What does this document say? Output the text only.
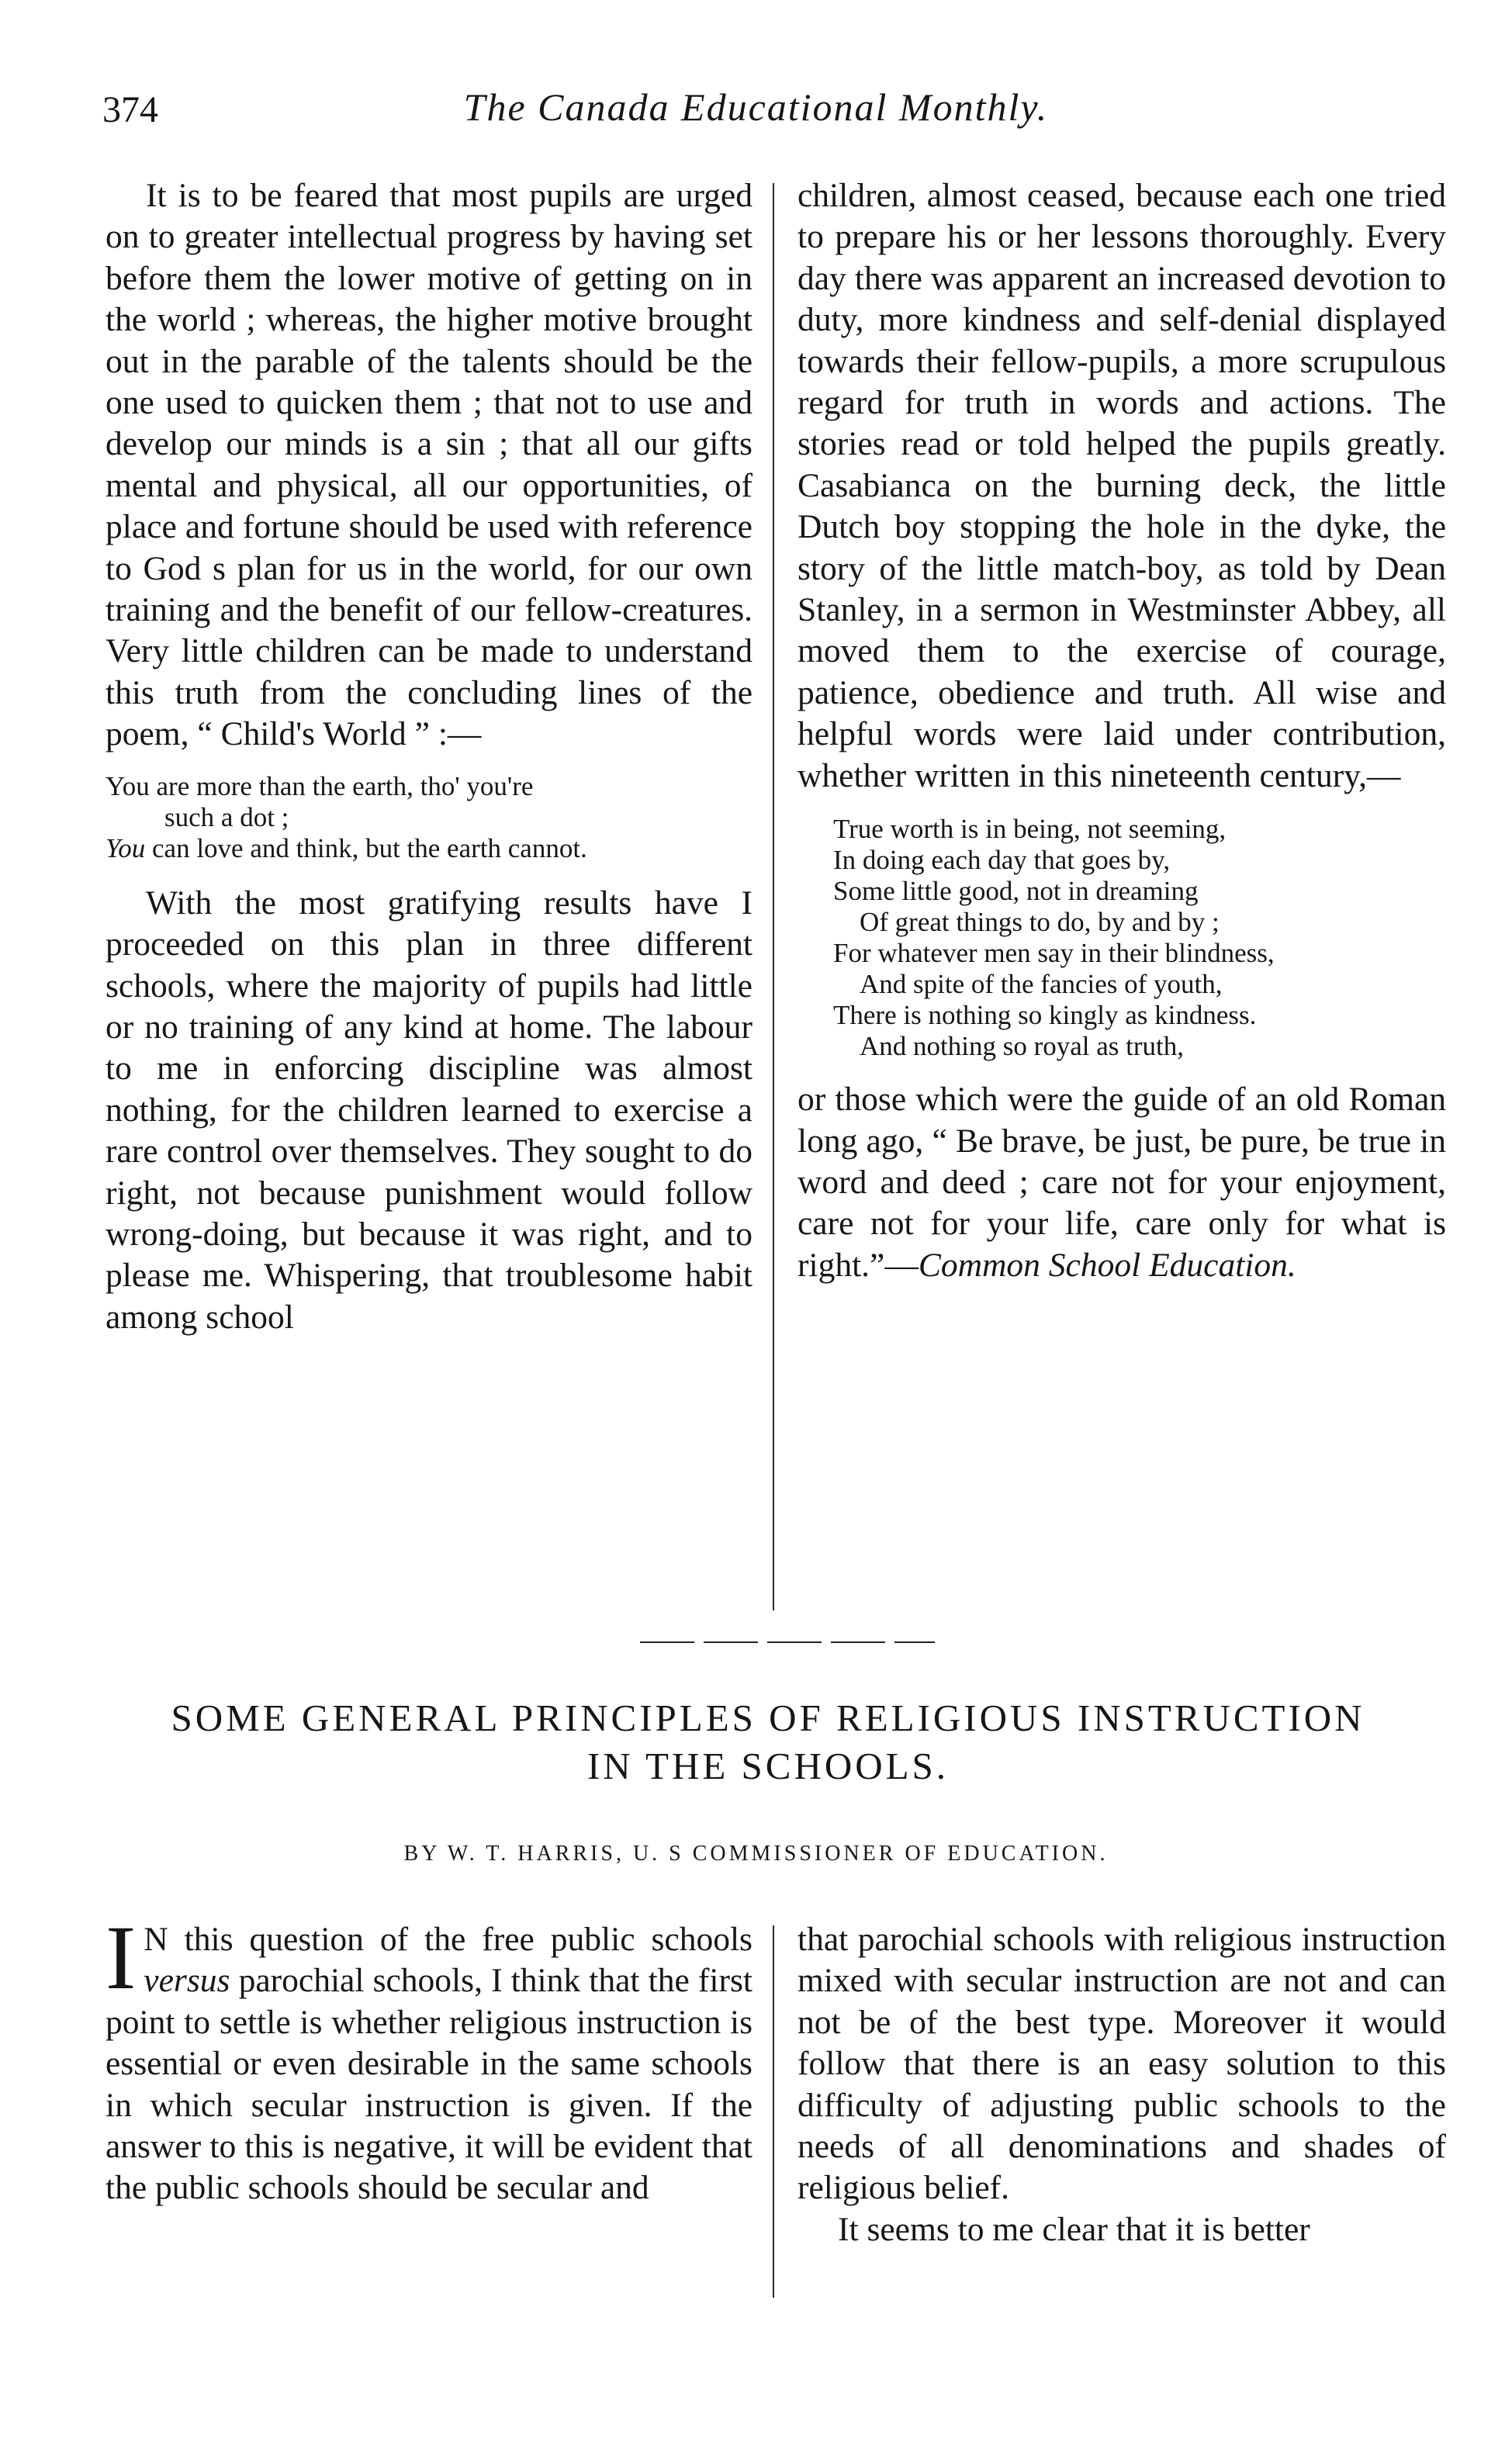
374	The Canada Educational Monthly.

It is to be feared that most pupils are urged on to greater intellectual progress by having set before them the lower motive of getting on in the world ; whereas, the higher motive brought out in the parable of the talents should be the one used to quicken them ; that not to use and develop our minds is a sin ; that all our gifts mental and physical, all our opportunities, of place and fortune should be used with reference to God s plan for us in the world, for our own training and the benefit of our fellow-creatures. Very little children can be made to understand this truth from the concluding lines of the poem, “ Child's World ” :—

You are more than the earth, tho' you're
such a dot ;
You can love and think, but the earth cannot.

With the most gratifying results have I proceeded on this plan in three different schools, where the majority of pupils had little or no training of any kind at home. The labour to me in enforcing discipline was almost nothing, for the children learned to exercise a rare control over themselves. They sought to do right, not because punishment would follow wrong-doing, but because it was right, and to please me. Whispering, that troublesome habit among school

children, almost ceased, because each one tried to prepare his or her lessons thoroughly. Every day there was apparent an increased devotion to duty, more kindness and self-denial displayed towards their fellow-pupils, a more scrupulous regard for truth in words and actions. The stories read or told helped the pupils greatly. Casabianca on the burning deck, the little Dutch boy stopping the hole in the dyke, the story of the little match-boy, as told by Dean Stanley, in a sermon in Westminster Abbey, all moved them to the exercise of courage, patience, obedience and truth. All wise and helpful words were laid under contribution, whether written in this nineteenth century,—

True worth is in being, not seeming,
In doing each day that goes by,
Some little good, not in dreaming
Of great things to do, by and by ;
For whatever men say in their blindness,
And spite of the fancies of youth,
There is nothing so kingly as kindness.
And nothing so royal as truth,

or those which were the guide of an old Roman long ago, “ Be brave, be just, be pure, be true in word and deed ; care not for your enjoyment, care not for your life, care only for what is right.”—Common School Education.

SOME GENERAL PRINCIPLES OF RELIGIOUS INSTRUCTION
IN THE SCHOOLS.
BY W. T. HARRIS, U. S COMMISSIONER OF EDUCATION.

I N this question of the free public schools versus parochial schools, I think that the first point to settle is whether religious instruction is essential or even desirable in the same schools in which secular instruction is given. If the answer to this is negative, it will be evident that the public schools should be secular and

that parochial schools with religious instruction mixed with secular instruction are not and can not be of the best type. Moreover it would follow that there is an easy solution to this difficulty of adjusting public schools to the needs of all denominations and shades of religious belief.

It seems to me clear that it is better
